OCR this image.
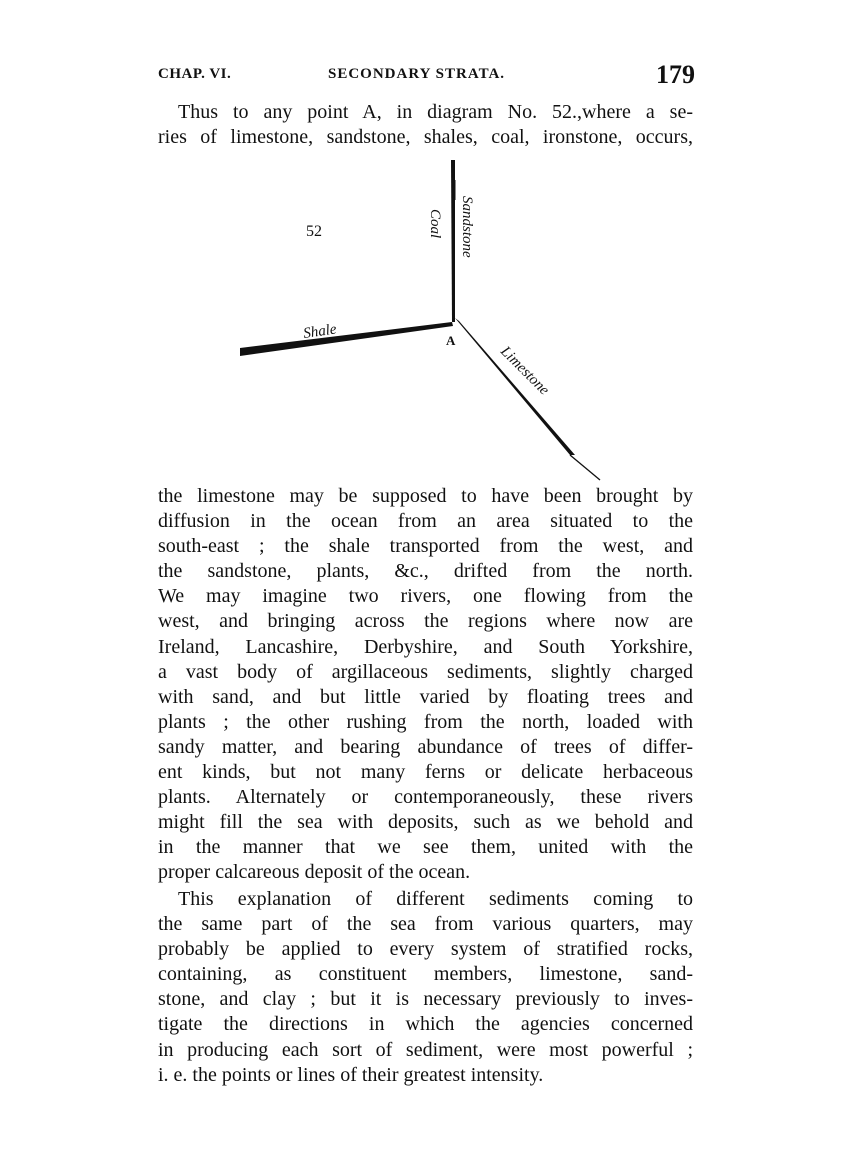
CHAP. VI.	SECONDARY STRATA.	179
Thus to any point A, in diagram No. 52.,where a se-
ries of limestone, sandstone, shales, coal, ironstone, occurs,
52	Sandstone
Coal
Shale	A
Limestone
the limestone may be supposed to have been brought by
diffusion in the ocean from an area situated to the
south-east ; the shale transported from the west, and
the sandstone, plants, &c., drifted from the north.
We may imagine two rivers, one flowing from the
west, and bringing across the regions where now are
Ireland, Lancashire, Derbyshire, and South Yorkshire,
a vast body of argillaceous sediments, slightly charged
with sand, and but little varied by floating trees and
plants ; the other rushing from the north, loaded with
sandy matter, and bearing abundance of trees of differ-
ent kinds, but not many ferns or delicate herbaceous
plants. Alternately or contemporaneously, these rivers
might fill the sea with deposits, such as we behold and
in the manner that we see them, united with the
proper calcareous deposit of the ocean.
This explanation of different sediments coming to
the same part of the sea from various quarters, may
probably be applied to every system of stratified rocks,
containing, as constituent members, limestone, sand-
stone, and clay ; but it is necessary previously to inves-
tigate the directions in which the agencies concerned
in producing each sort of sediment, were most powerful ;
i. e. the points or lines of their greatest intensity.
